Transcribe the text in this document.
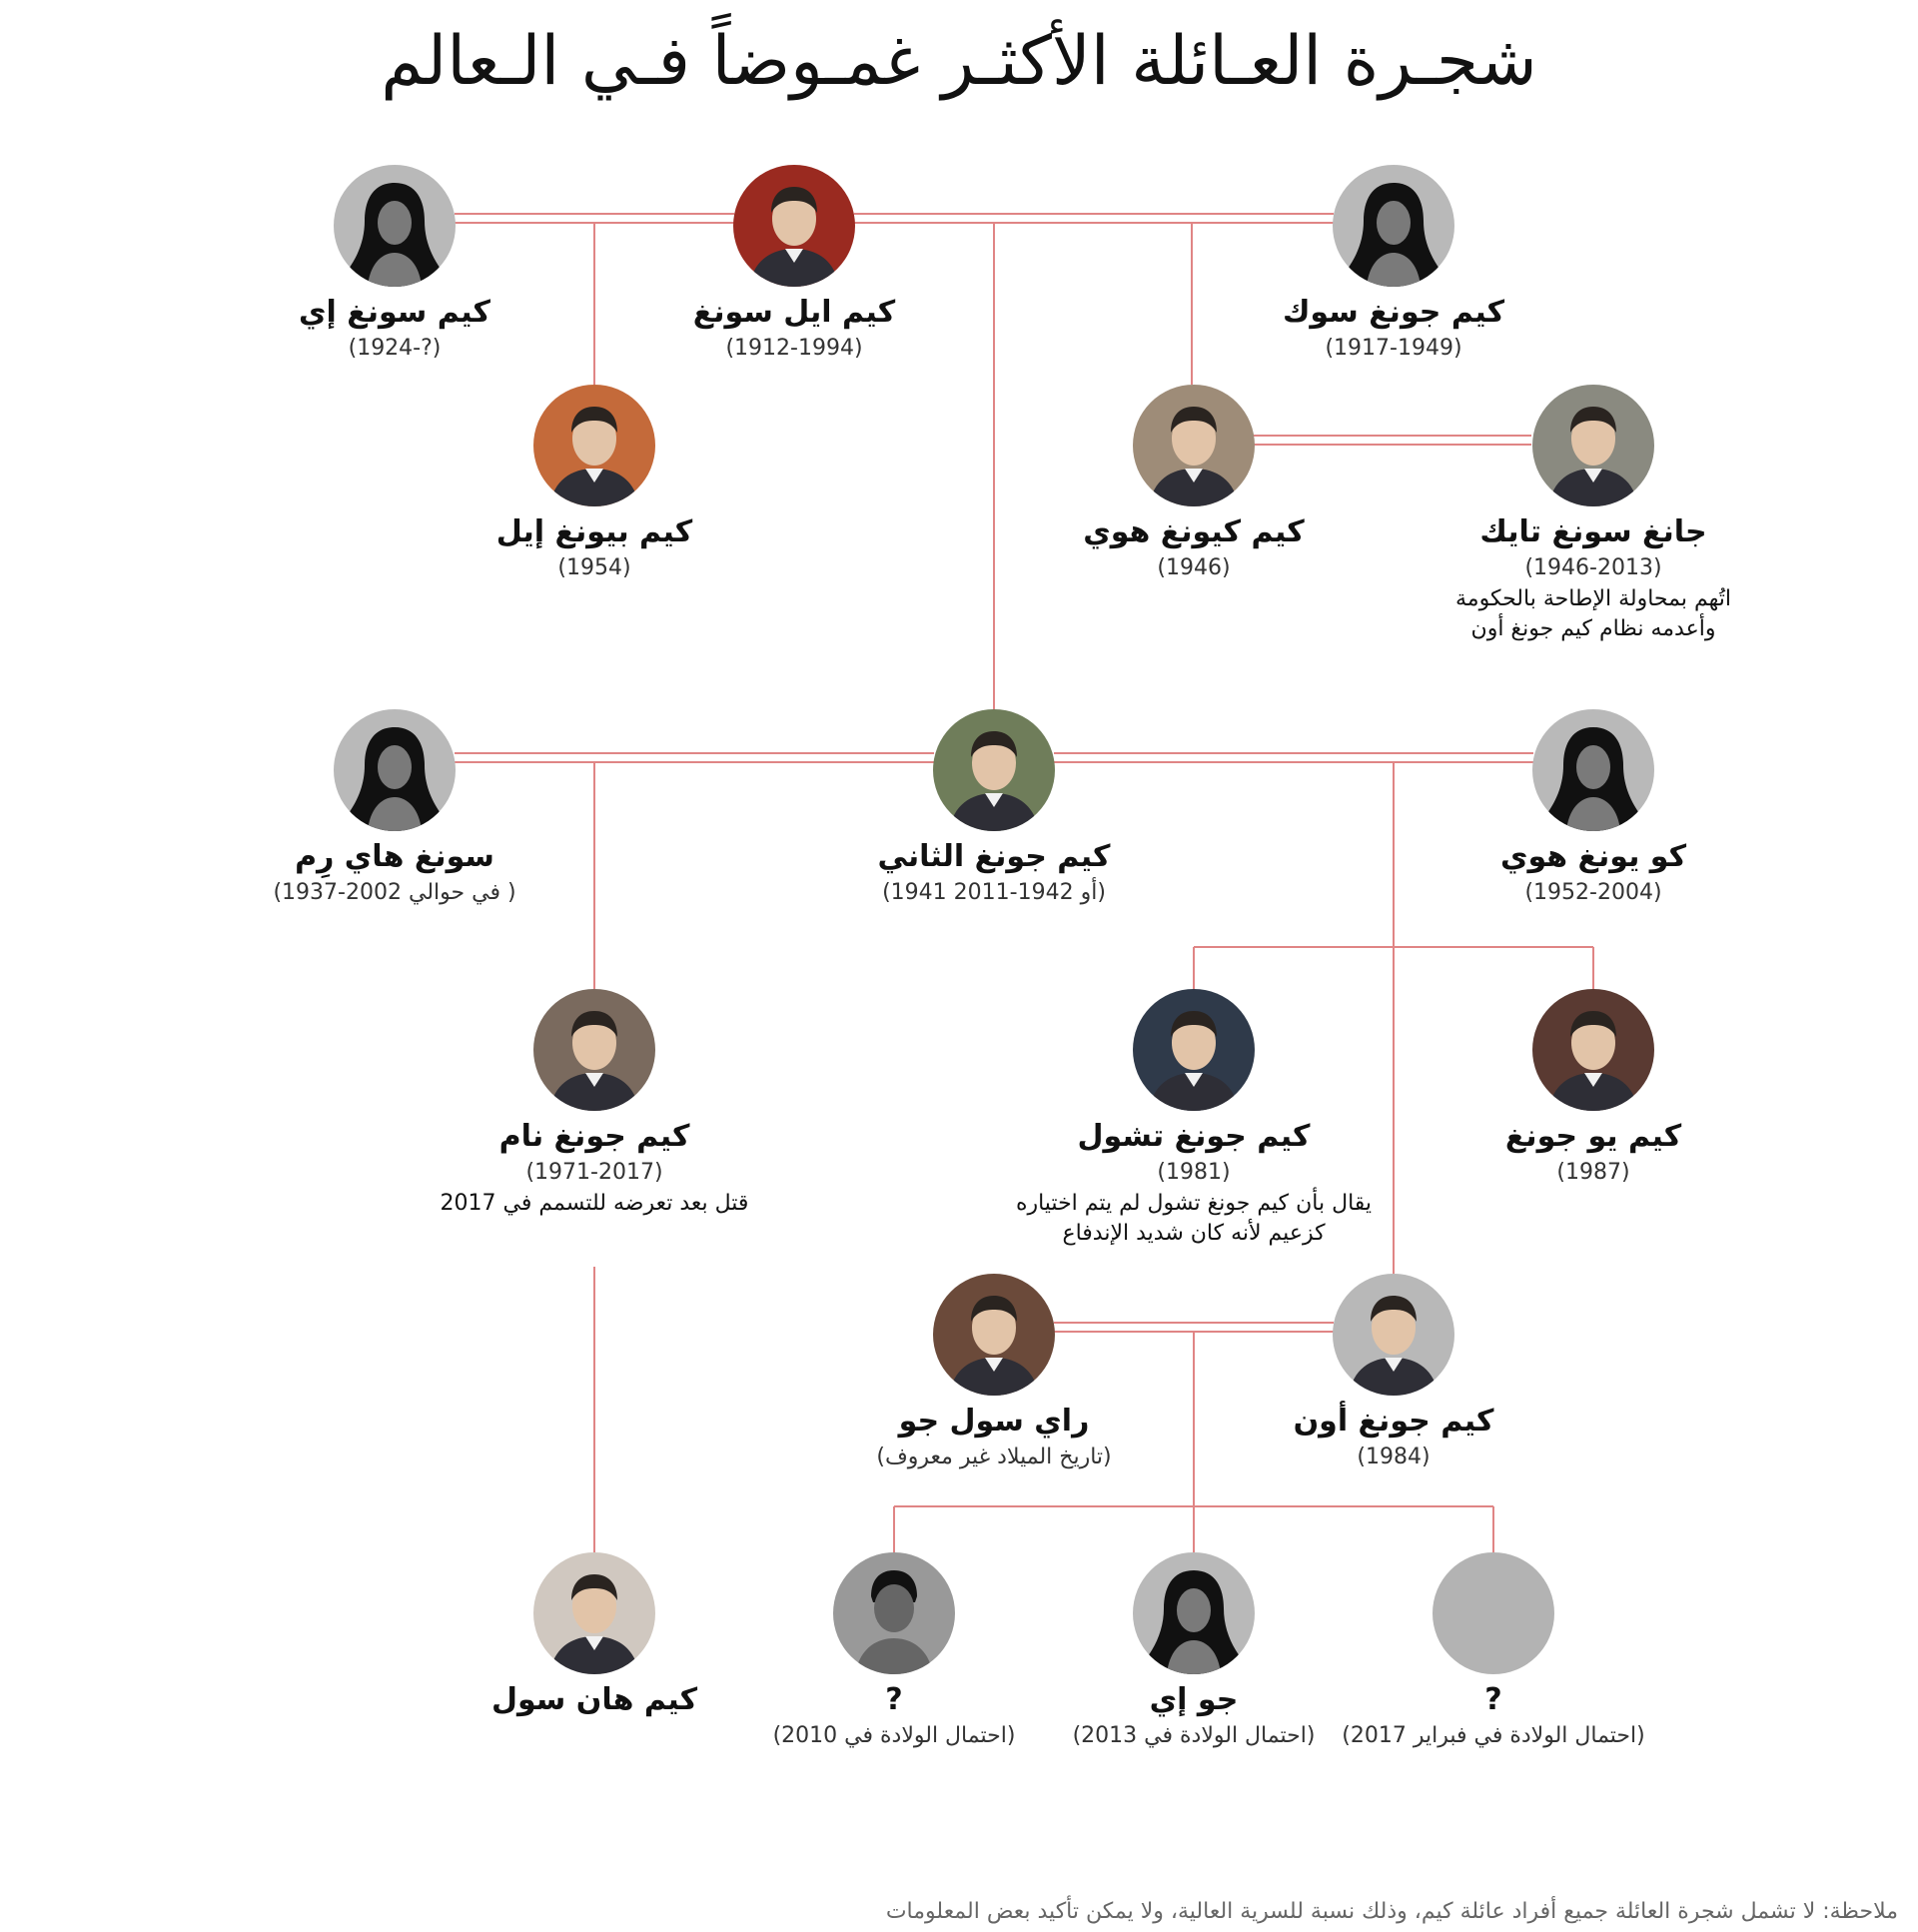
شجـرة العـائلة الأكثـر غمـوضاً فـي الـعالم
كيم سونغ إي
(1924-?)
كيم ايل سونغ
(1912-1994)
كيم جونغ سوك
(1917-1949)
كيم بيونغ إيل
(1954)
كيم كيونغ هوي
(1946)
جانغ سونغ تايك
(1946-2013)
اتُهم بمحاولة الإطاحة بالحكومة
وأعدمه نظام كيم جونغ أون
سونغ هاي رِم
(في حوالي 2002-1937 )
كيم جونغ الثاني
(1941 أو 1942-2011)
كو يونغ هوي
(1952-2004)
كيم جونغ نام
(1971-2017)
قتل بعد تعرضه للتسمم في 2017
كيم جونغ تشول
(1981)
يقال بأن كيم جونغ تشول لم يتم اختياره
كزعيم لأنه كان شديد الإندفاع
كيم يو جونغ
(1987)
راي سول جو
(تاريخ الميلاد غير معروف)
كيم جونغ أون
(1984)
كيم هان سول	?
(احتمال الولادة في 2010)
جو إي
(احتمال الولادة في 2013)
?
(احتمال الولادة في فبراير 2017)
ملاحظة: لا تشمل شجرة العائلة جميع أفراد عائلة كيم، وذلك نسبة للسرية العالية، ولا يمكن تأكيد بعض المعلومات
